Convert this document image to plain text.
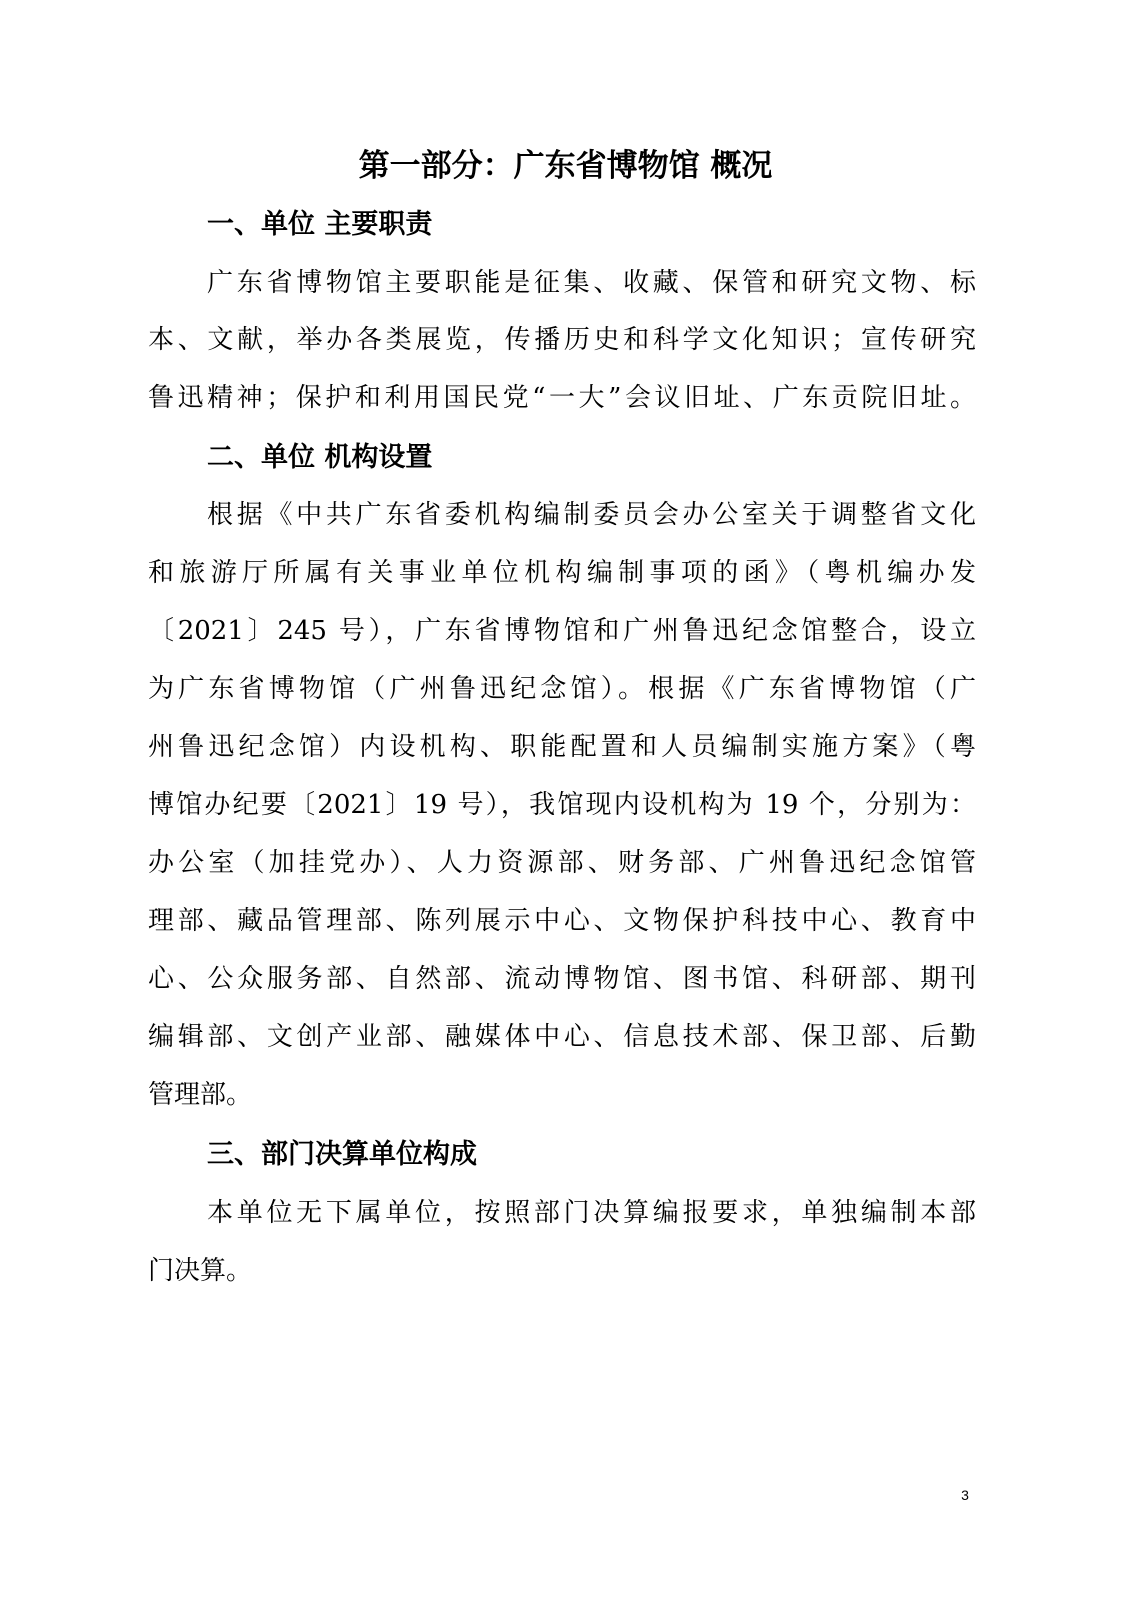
第一部分：广东省博物馆 概况
一、单位 主要职责
广东省博物馆主要职能是征集、收藏、保管和研究文物、标
本、文献，举办各类展览，传播历史和科学文化知识；宣传研究
鲁迅精神；保护和利用国民党“一大”会议旧址、广东贡院旧址。
二、单位 机构设置
根据《中共广东省委机构编制委员会办公室关于调整省文化
和旅游厅所属有关事业单位机构编制事项的函》（粤机编办发
〔2021〕245 号），广东省博物馆和广州鲁迅纪念馆整合，设立
为广东省博物馆（广州鲁迅纪念馆）。根据《广东省博物馆（广
州鲁迅纪念馆）内设机构、职能配置和人员编制实施方案》（粤
博馆办纪要〔2021〕19 号），我馆现内设机构为 19 个，分别为：
办公室（加挂党办）、人力资源部、财务部、广州鲁迅纪念馆管
理部、藏品管理部、陈列展示中心、文物保护科技中心、教育中
心、公众服务部、自然部、流动博物馆、图书馆、科研部、期刊
编辑部、文创产业部、融媒体中心、信息技术部、保卫部、后勤
管理部。
三、部门决算单位构成
本单位无下属单位，按照部门决算编报要求，单独编制本部
门决算。
3
